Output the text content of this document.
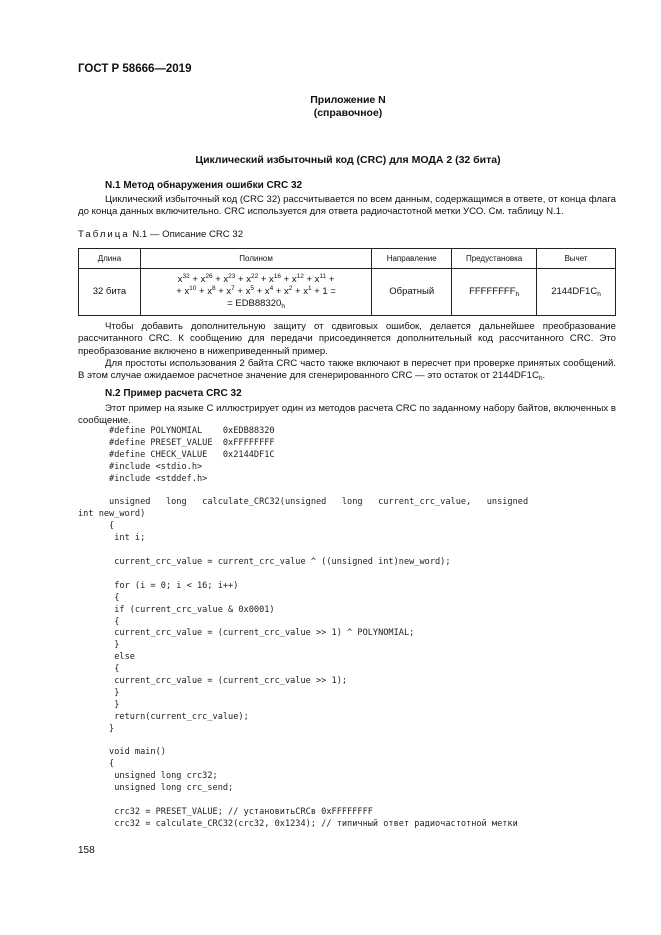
ГОСТ Р 58666—2019
Приложение N
(справочное)
Циклический избыточный код (CRC) для МОДА 2 (32 бита)
N.1 Метод обнаружения ошибки CRC 32
Циклический избыточный код (CRC 32) рассчитывается по всем данным, содержащимся в ответе, от конца флага до конца данных включительно. CRC используется для ответа радиочастотной метки УСО. См. таблицу N.1.
Таблица N.1 — Описание CRC 32
Длина	Полином	Направление	Предустановка	Вычет
32 бита	$x^{32} + x^{26} + x^{23} + x^{22} + x^{16} + x^{12} + x^{11}$ +
+ $x^{10} + x^8 + x^7 + x^5 + x^4 + x^2 + x^1 + 1$ =
= $EDB88320_h$	Обратный	$FFFFFFFF_h$	$2144DF1C_h$
Чтобы добавить дополнительную защиту от сдвиговых ошибок, делается дальнейшее преобразование рассчитанного CRC. К сообщению для передачи присоединяется дополнительный код рассчитанного CRC. Это преобразование включено в нижеприведенный пример.
Для простоты использования 2 байта CRC часто также включают в пересчет при проверке принятых сообщений. В этом случае ожидаемое расчетное значение для сгенерированного CRC — это остаток от $2144DF1C_h$.
N.2 Пример расчета CRC 32
Этот пример на языке С иллюстрирует один из методов расчета CRC по заданному набору байтов, включенных в сообщение.
#define POLYNOMIAL    0xEDB88320
#define PRESET_VALUE  0xFFFFFFFF
#define CHECK_VALUE   0x2144DF1C
#include <stdio.h>
#include <stddef.h>

unsigned   long   calculate_CRC32(unsigned   long   current_crc_value,   unsigned
int new_word)
{
int i;

current_crc_value = current_crc_value ^ ((unsigned int)new_word);

for (i = 0; i < 16; i++)
{
if (current_crc_value & 0x0001)
{
current_crc_value = (current_crc_value >> 1) ^ POLYNOMIAL;
}
else
{
current_crc_value = (current_crc_value >> 1);
}
}
return(current_crc_value);
}

void main()
{
unsigned long crc32;
unsigned long crc_send;

crc32 = PRESET_VALUE; // установитьCRCв 0xFFFFFFFF
crc32 = calculate_CRC32(crc32, 0x1234); // типичный ответ радиочастотной метки
158
